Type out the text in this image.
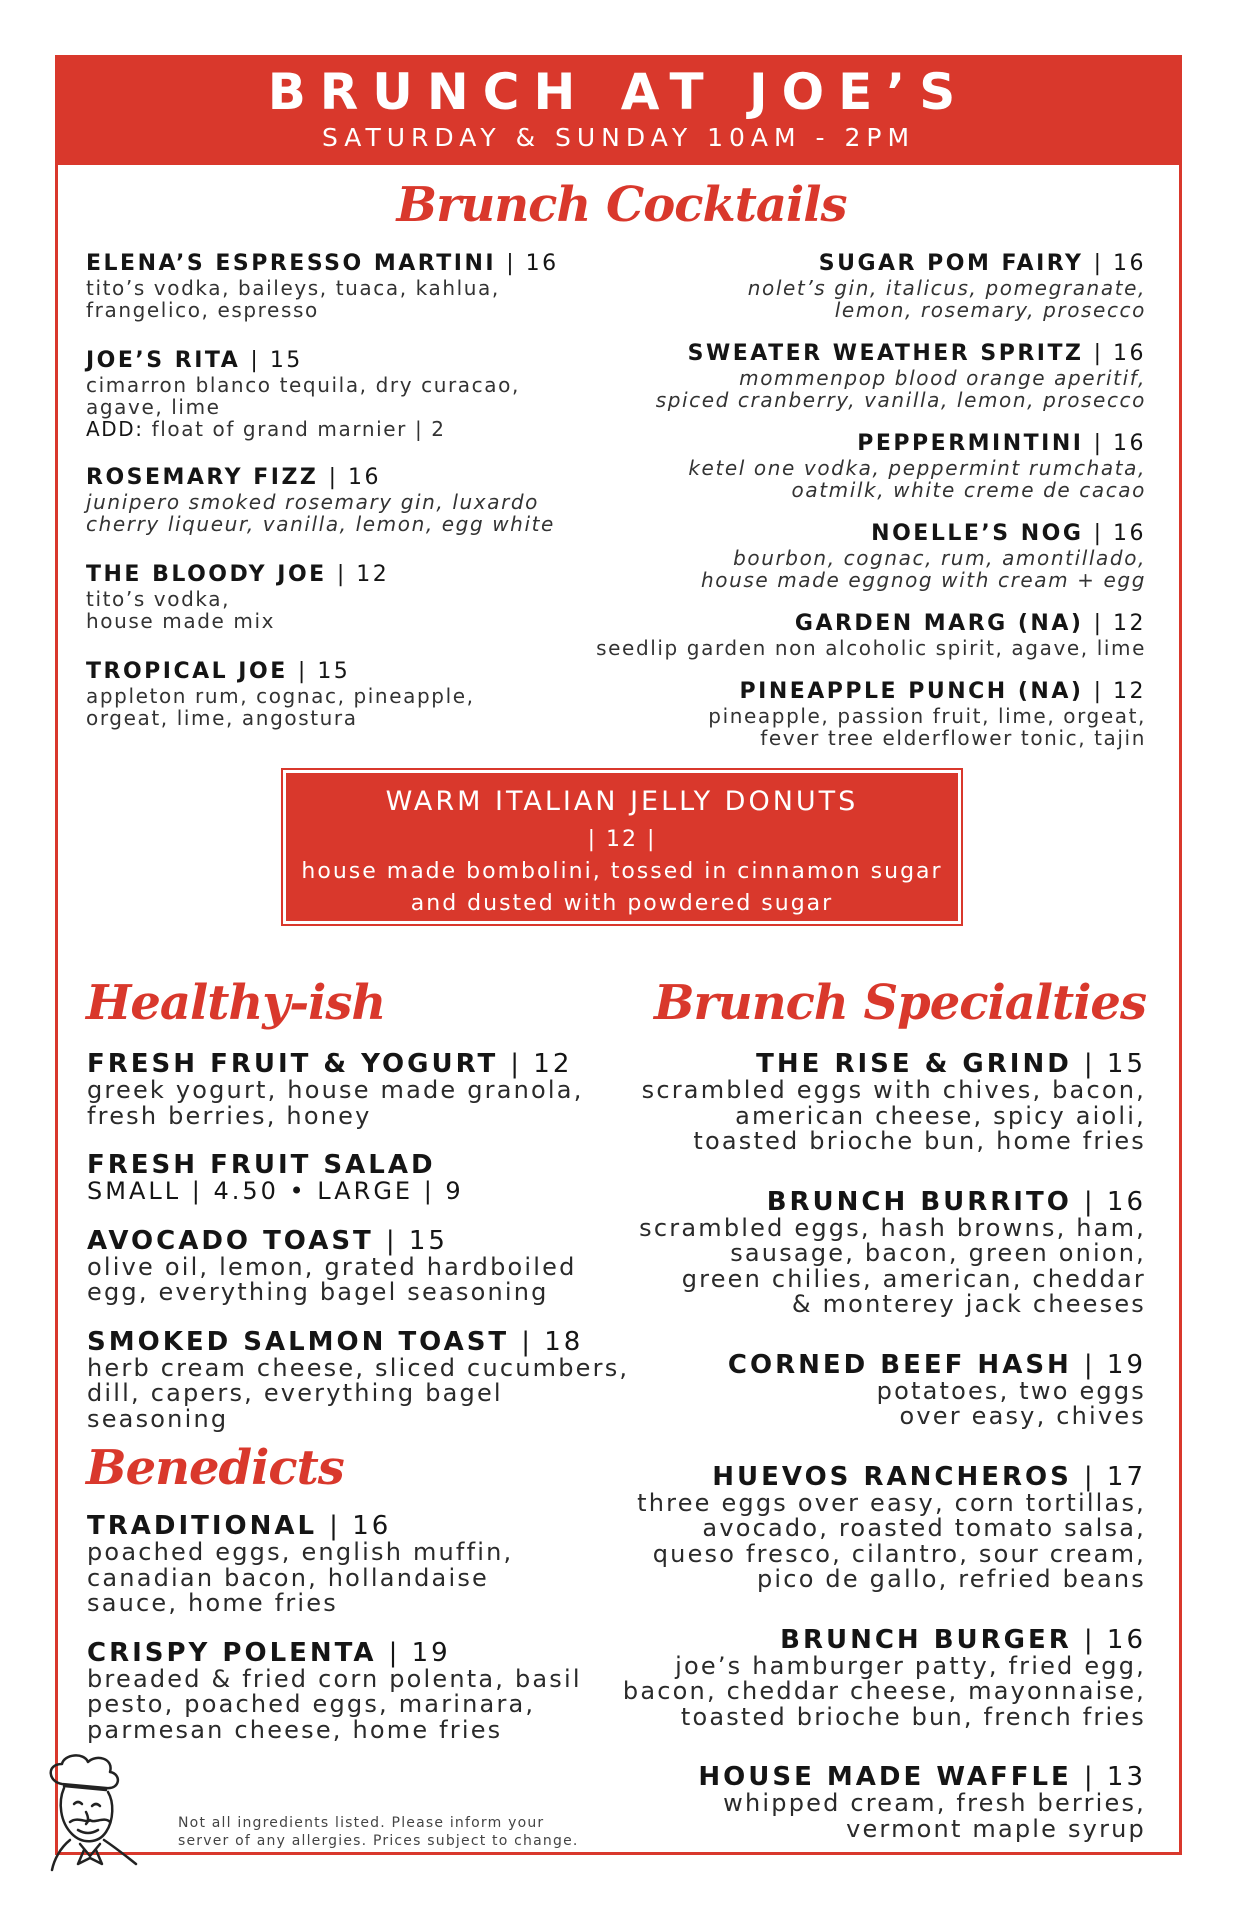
BRUNCH AT JOE’S
SATURDAY & SUNDAY 10AM - 2PM
Brunch Cocktails
ELENA’S ESPRESSO MARTINI | 16
tito’s vodka, baileys, tuaca, kahlua,
frangelico, espresso
JOE’S RITA | 15
cimarron blanco tequila, dry curacao,
agave, lime
ADD: float of grand marnier | 2
ROSEMARY FIZZ | 16
junipero smoked rosemary gin, luxardo
cherry liqueur, vanilla, lemon, egg white
THE BLOODY JOE | 12
tito’s vodka,
house made mix
TROPICAL JOE | 15
appleton rum, cognac, pineapple,
orgeat, lime, angostura
SUGAR POM FAIRY | 16
nolet’s gin, italicus, pomegranate,
lemon, rosemary, prosecco
SWEATER WEATHER SPRITZ | 16
mommenpop blood orange aperitif,
spiced cranberry, vanilla, lemon, prosecco
PEPPERMINTINI | 16
ketel one vodka, peppermint rumchata,
oatmilk, white creme de cacao
NOELLE’S NOG | 16
bourbon, cognac, rum, amontillado,
house made eggnog with cream + egg
GARDEN MARG (NA) | 12
seedlip garden non alcoholic spirit, agave, lime
PINEAPPLE PUNCH (NA) | 12
pineapple, passion fruit, lime, orgeat,
fever tree elderflower tonic, tajin
WARM ITALIAN JELLY DONUTS
| 12 |
house made bombolini, tossed in cinnamon sugar
and dusted with powdered sugar
Healthy-ish
FRESH FRUIT & YOGURT | 12
greek yogurt, house made granola,
fresh berries, honey
FRESH FRUIT SALAD
SMALL | 4.50 • LARGE | 9
AVOCADO TOAST | 15
olive oil, lemon, grated hardboiled
egg, everything bagel seasoning
SMOKED SALMON TOAST | 18
herb cream cheese, sliced cucumbers,
dill, capers, everything bagel seasoning
Benedicts
TRADITIONAL | 16
poached eggs, english muffin,
canadian bacon, hollandaise
sauce, home fries
CRISPY POLENTA | 19
breaded & fried corn polenta, basil
pesto, poached eggs, marinara,
parmesan cheese, home fries
Brunch Specialties
THE RISE & GRIND | 15
scrambled eggs with chives, bacon,
american cheese, spicy aioli,
toasted brioche bun, home fries
BRUNCH BURRITO | 16
scrambled eggs, hash browns, ham,
sausage, bacon, green onion,
green chilies, american, cheddar
& monterey jack cheeses
CORNED BEEF HASH | 19
potatoes, two eggs
over easy, chives
HUEVOS RANCHEROS | 17
three eggs over easy, corn tortillas,
avocado, roasted tomato salsa,
queso fresco, cilantro, sour cream,
pico de gallo, refried beans
BRUNCH BURGER | 16
joe’s hamburger patty, fried egg,
bacon, cheddar cheese, mayonnaise,
toasted brioche bun, french fries
HOUSE MADE WAFFLE | 13
whipped cream, fresh berries,
vermont maple syrup
Not all ingredients listed. Please inform your
server of any allergies. Prices subject to change.
